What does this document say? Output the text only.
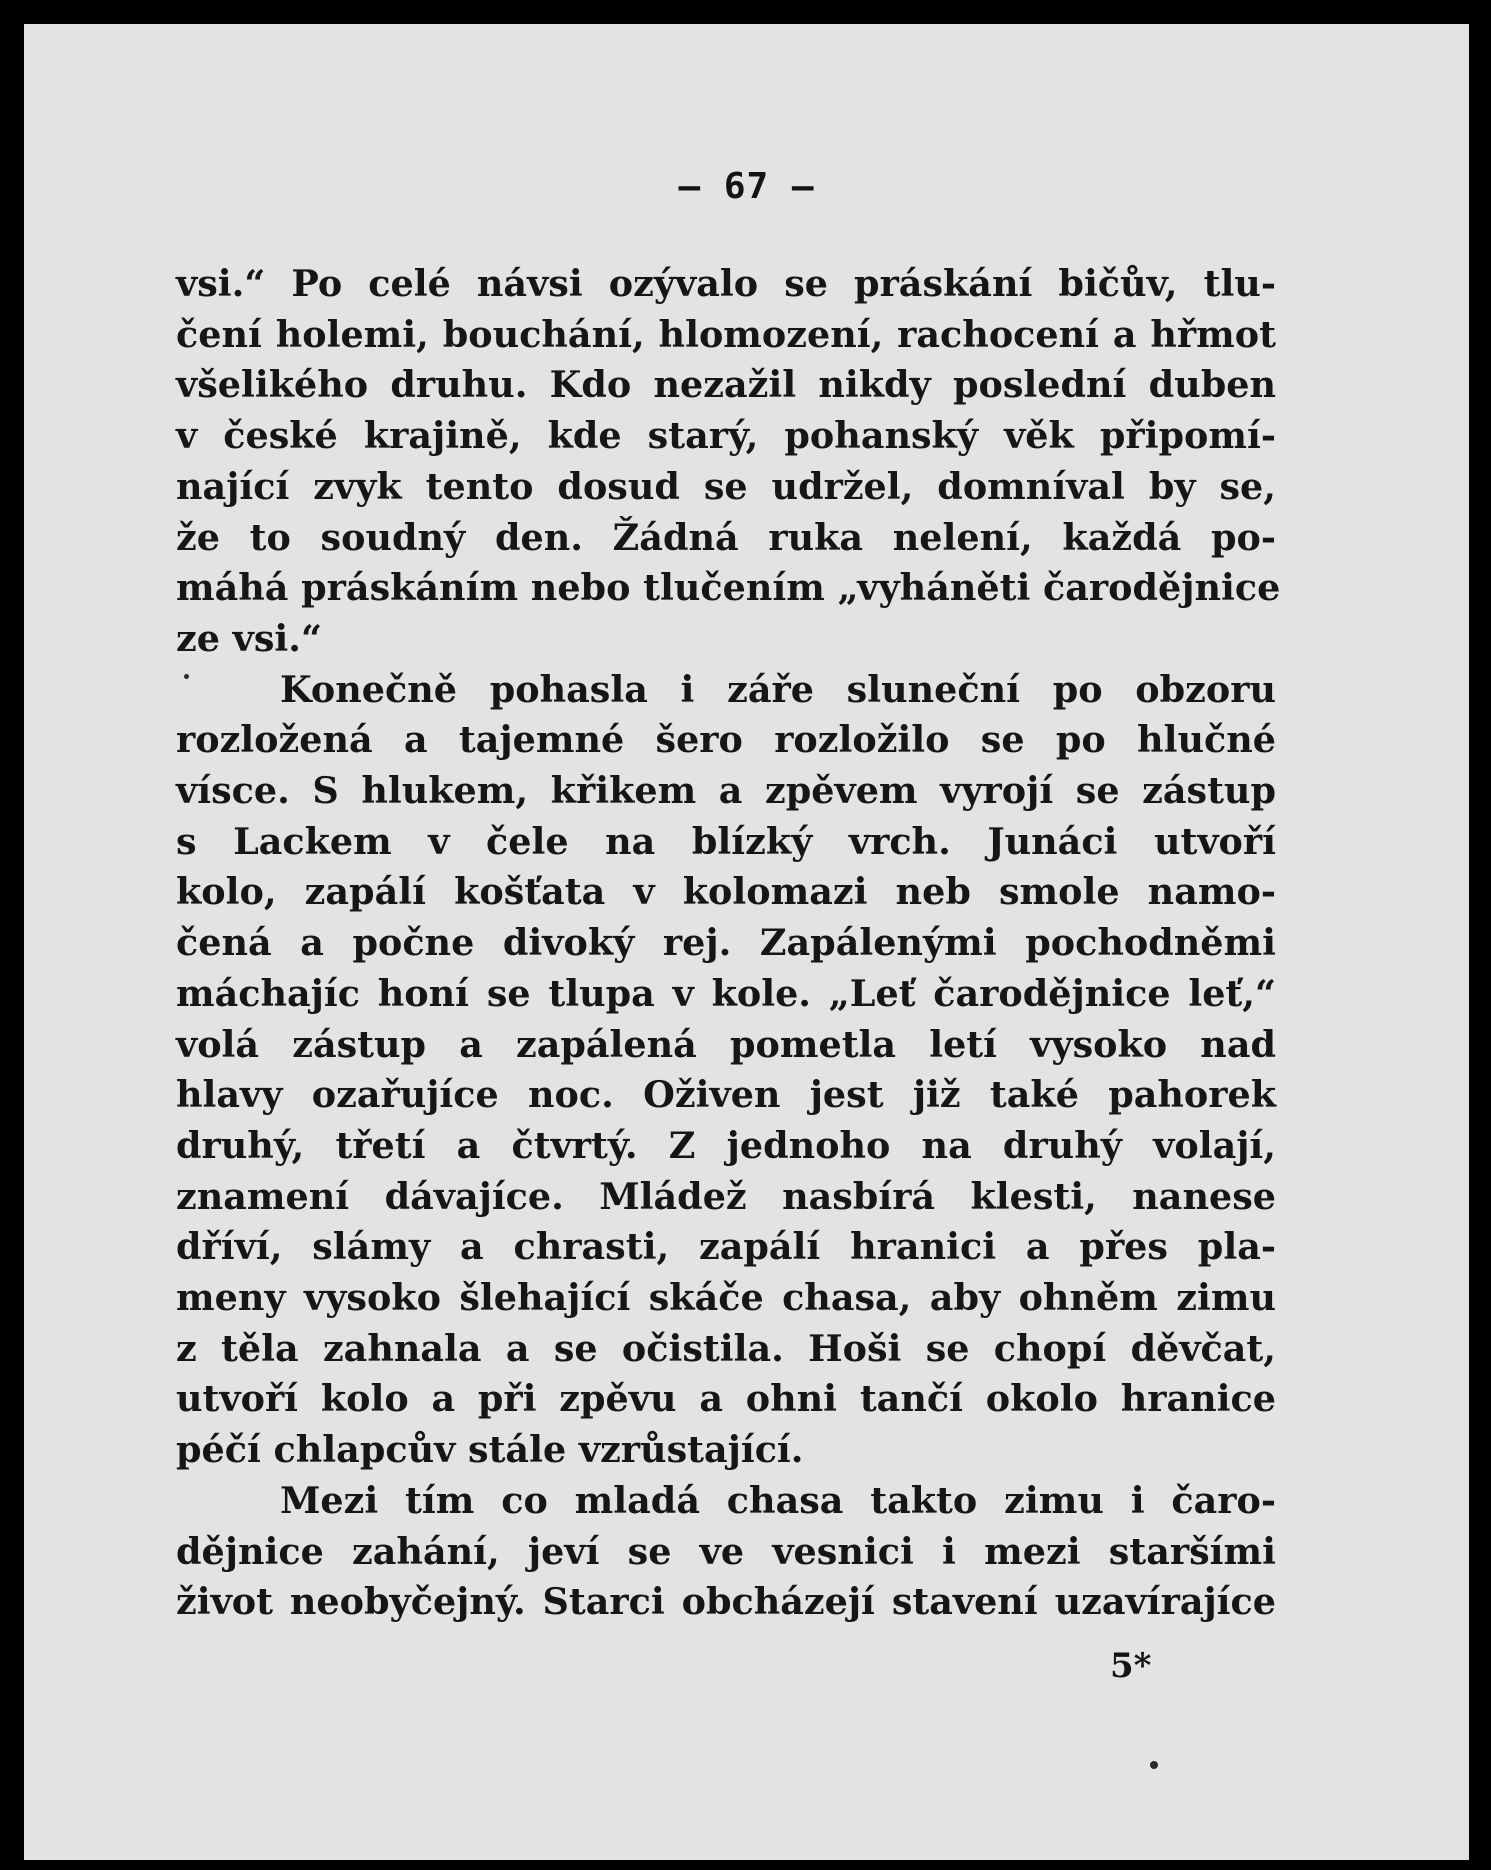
— 67 —
vsi.“ Po celé návsi ozývalo se práskání bičův, tlu-
čení holemi, bouchání, hlomození, rachocení a hřmot
všelikého druhu. Kdo nezažil nikdy poslední duben
v české krajině, kde starý, pohanský věk připomí-
nající zvyk tento dosud se udržel, domníval by se,
že to soudný den. Žádná ruka nelení, každá po-
máhá práskáním nebo tlučením „vyháněti čarodějnice
ze vsi.“
Konečně pohasla i záře sluneční po obzoru
rozložená a tajemné šero rozložilo se po hlučné
vísce. S hlukem, křikem a zpěvem vyrojí se zástup
s Lackem v čele na blízký vrch. Junáci utvoří
kolo, zapálí košťata v kolomazi neb smole namo-
čená a počne divoký rej. Zapálenými pochodněmi
máchajíc honí se tlupa v kole. „Leť čarodějnice leť,“
volá zástup a zapálená pometla letí vysoko nad
hlavy ozařujíce noc. Oživen jest již také pahorek
druhý, třetí a čtvrtý. Z jednoho na druhý volají,
znamení dávajíce. Mládež nasbírá klesti, nanese
dříví, slámy a chrasti, zapálí hranici a přes pla-
meny vysoko šlehající skáče chasa, aby ohněm zimu
z těla zahnala a se očistila. Hoši se chopí děvčat,
utvoří kolo a při zpěvu a ohni tančí okolo hranice
péčí chlapcův stále vzrůstající.
Mezi tím co mladá chasa takto zimu i čaro-
dějnice zahání, jeví se ve vesnici i mezi staršími
život neobyčejný. Starci obcházejí stavení uzavírajíce
5*
